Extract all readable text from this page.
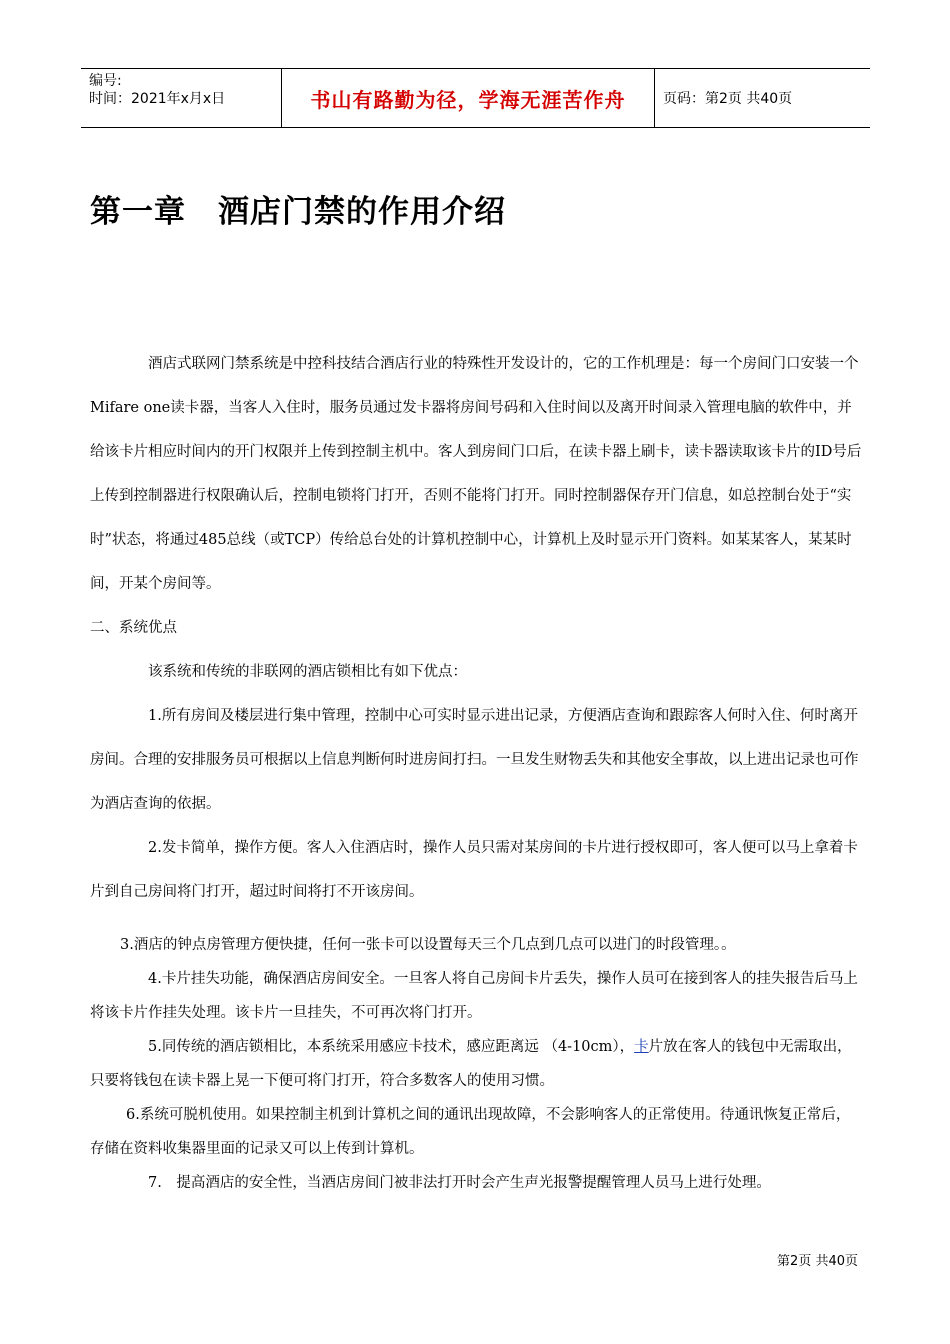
编号:
时间：2021年x月x日	书山有路勤为径，学海无涯苦作舟	页码：第2页 共40页
第一章　酒店门禁的作用介绍

酒店式联网门禁系统是中控科技结合酒店行业的特殊性开发设计的，它的工作机理是：每一个房间门口安装一个Mifare one读卡器，当客人入住时，服务员通过发卡器将房间号码和入住时间以及离开时间录入管理电脑的软件中，并给该卡片相应时间内的开门权限并上传到控制主机中。客人到房间门口后，在读卡器上刷卡，读卡器读取该卡片的ID号后上传到控制器进行权限确认后，控制电锁将门打开，否则不能将门打开。同时控制器保存开门信息，如总控制台处于“实时”状态，将通过485总线（或TCP）传给总台处的计算机控制中心，计算机上及时显示开门资料。如某某客人，某某时间，开某个房间等。

二、系统优点

该系统和传统的非联网的酒店锁相比有如下优点：

1.所有房间及楼层进行集中管理，控制中心可实时显示进出记录，方便酒店查询和跟踪客人何时入住、何时离开房间。合理的安排服务员可根据以上信息判断何时进房间打扫。一旦发生财物丢失和其他安全事故，以上进出记录也可作为酒店查询的依据。

2.发卡简单，操作方便。客人入住酒店时，操作人员只需对某房间的卡片进行授权即可，客人便可以马上拿着卡片到自己房间将门打开，超过时间将打不开该房间。

3.酒店的钟点房管理方便快捷，任何一张卡可以设置每天三个几点到几点可以进门的时段管理。。

4.卡片挂失功能，确保酒店房间安全。一旦客人将自己房间卡片丢失，操作人员可在接到客人的挂失报告后马上将该卡片作挂失处理。该卡片一旦挂失，不可再次将门打开。

5.同传统的酒店锁相比，本系统采用感应卡技术，感应距离远 （4-10cm），卡片放在客人的钱包中无需取出，只要将钱包在读卡器上晃一下便可将门打开，符合多数客人的使用习惯。

6.系统可脱机使用。如果控制主机到计算机之间的通讯出现故障，不会影响客人的正常使用。待通讯恢复正常后，存储在资料收集器里面的记录又可以上传到计算机。

7.　提高酒店的安全性，当酒店房间门被非法打开时会产生声光报警提醒管理人员马上进行处理。

第2页 共40页
